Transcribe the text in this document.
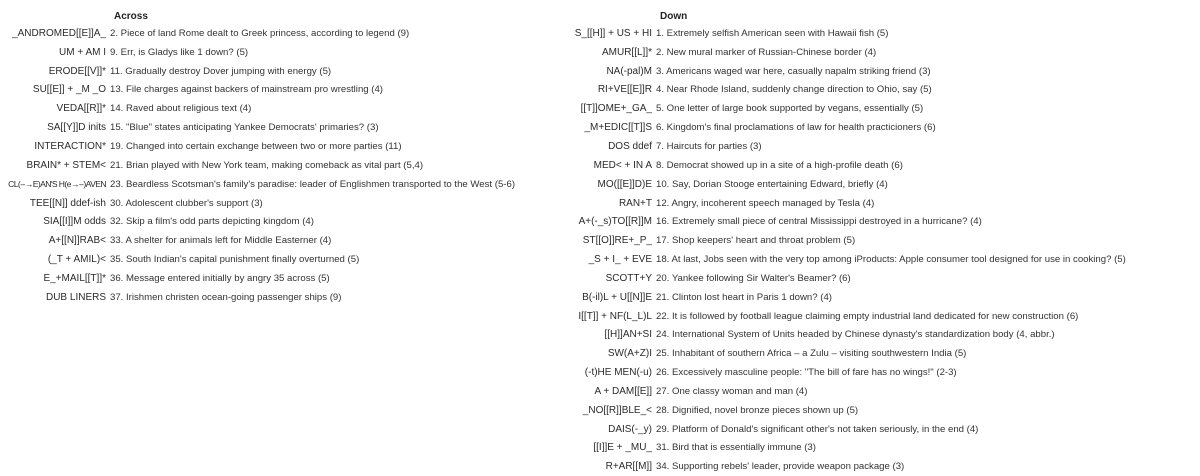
Across
_ANDROMED[[E]]A_ 2. Piece of land Rome dealt to Greek princess, according to legend (9)
UM + AM I 9. Err, is Gladys like 1 down? (5)
ERODE[[V]]* 11. Gradually destroy Dover jumping with energy (5)
SU[[E]] + _M _O 13. File charges against backers of mainstream pro wrestling (4)
VEDA[[R]]* 14. Raved about religious text (4)
SA[[Y]]D inits 15. "Blue" states anticipating Yankee Democrats' primaries? (3)
INTERACTION* 19. Changed into certain exchange between two or more parties (11)
BRAIN* + STEM< 21. Brian played with New York team, making comeback as vital part (5,4)
CL(--→E)AN'S H(e→--)AVEN 23. Beardless Scotsman's family's paradise: leader of Englishmen transported to the West (5-6)
TEE[[N]] ddef-ish 30. Adolescent clubber's support (3)
SIA[[I]]M odds 32. Skip a film's odd parts depicting kingdom (4)
A+[[N]]RAB< 33. A shelter for animals left for Middle Easterner (4)
(_T + AMIL)< 35. South Indian's capital punishment finally overturned (5)
E_+MAIL[[T]]* 36. Message entered initially by angry 35 across (5)
DUB LINERS 37. Irishmen christen ocean-going passenger ships (9)
Down
S_[[H]] + US + HI 1. Extremely selfish American seen with Hawaii fish (5)
AMUR[[L]]* 2. New mural marker of Russian-Chinese border (4)
NA(-pal)M 3. Americans waged war here, casually napalm striking friend (3)
RI+VE[[E]]R 4. Near Rhode Island, suddenly change direction to Ohio, say (5)
[[T]]OME+_GA_ 5. One letter of large book supported by vegans, essentially (5)
_M+EDIC[[T]]S 6. Kingdom's final proclamations of law for health practicioners (6)
DOS ddef 7. Haircuts for parties (3)
MED< + IN A 8. Democrat showed up in a site of a high-profile death (6)
MO([[E]]D)E 10. Say, Dorian Stooge entertaining Edward, briefly (4)
RAN+T 12. Angry, incoherent speech managed by Tesla (4)
A+(-_s)TO[[R]]M 16. Extremely small piece of central Mississippi destroyed in a hurricane? (4)
ST[[O]]RE+_P_ 17. Shop keepers' heart and throat problem (5)
_S + I_ + EVE 18. At last, Jobs seen with the very top among iProducts: Apple consumer tool designed for use in cooking? (5)
SCOTT+Y 20. Yankee following Sir Walter's Beamer? (6)
B(-il)L + U[[N]]E 21. Clinton lost heart in Paris 1 down? (4)
I[[T]] + NF(L_L)L 22. It is followed by football league claiming empty industrial land dedicated for new construction (6)
[[H]]AN+SI 24. International System of Units headed by Chinese dynasty's standardization body (4, abbr.)
SW(A+Z)I 25. Inhabitant of southern Africa – a Zulu – visiting southwestern India (5)
(-t)HE MEN(-u) 26. Excessively masculine people: "The bill of fare has no wings!" (2-3)
A + DAM[[E]] 27. One classy woman and man (4)
_NO[[R]]BLE_< 28. Dignified, novel bronze pieces shown up (5)
DAIS(-_y) 29. Platform of Donald's significant other's not taken seriously, in the end (4)
[[I]]E + _MU_ 31. Bird that is essentially immune (3)
R+AR[[M]] 34. Supporting rebels' leader, provide weapon package (3)
